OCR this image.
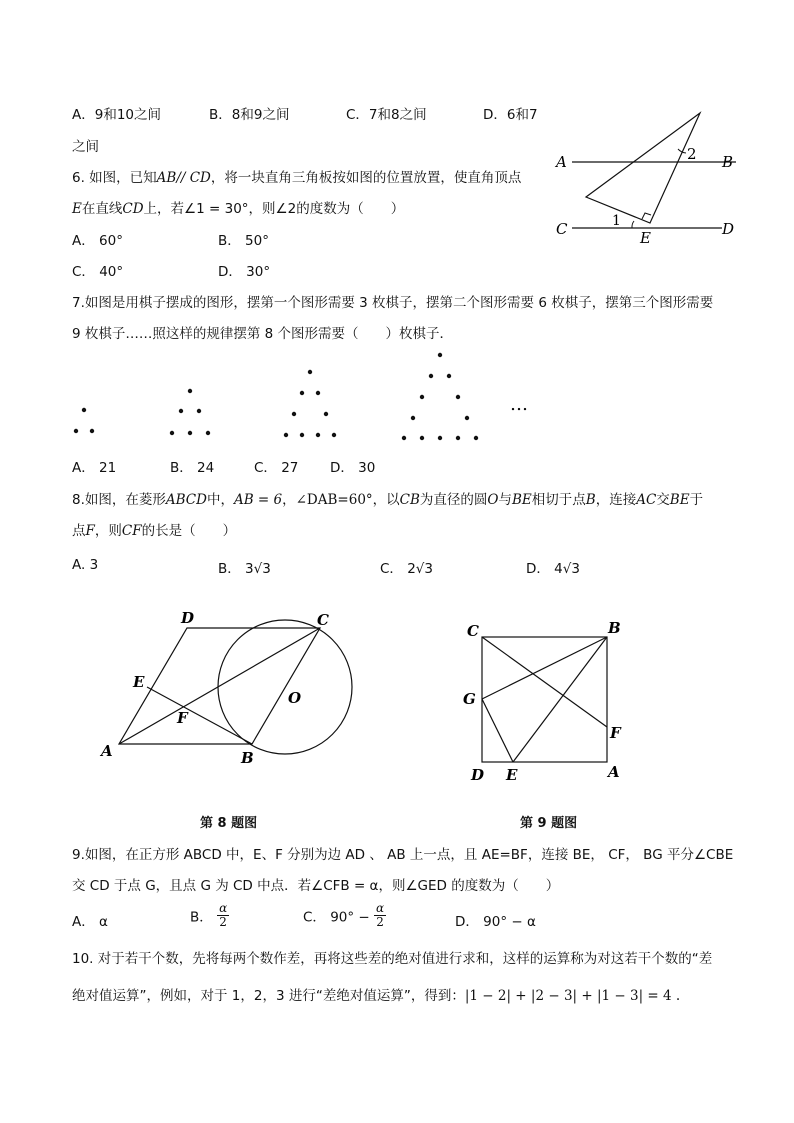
A．9和10之间	B．8和9之间	C．7和8之间	D．6和7
之间
6. 如图，已知AB// CD，将一块直角三角板按如图的位置放置，使直角顶点
E在直线CD上，若∠1 = 30°，则∠2的度数为（　　）
A． 60°	B． 50°
C． 40°	D． 30°
A	B
C	D
E
1
2
7.如图是用棋子摆成的图形，摆第一个图形需要 3 枚棋子，摆第二个图形需要 6 枚棋子，摆第三个图形需要
9 枚棋子……照这样的规律摆第 8 个图形需要（　　）枚棋子．
…
A． 21	B． 24	C． 27 D． 30
8.如图，在菱形ABCD中，AB = 6，∠DAB=60°，以CB为直径的圆O与BE相切于点B，连接AC交BE于
点F，则CF的长是（　　）
A. 3	B． 3√3	C． 2√3	D． 4√3
D	C
E
F
O
A	B
第 8 题图
C	B
G
F
D E	A
第 9 题图
9.如图，在正方形 ABCD 中，E、F 分别为边 AD 、 AB 上一点，且 AE=BF，连接 BE， CF， BG 平分∠CBE
交 CD 于点 G，且点 G 为 CD 中点．若∠CFB = α，则∠GED 的度数为（　　）
A． α	B． $\frac{\alpha}{2}$	C． $90^\circ - \frac{\alpha}{2}$	D． 90° − α
10. 对于若干个数，先将每两个数作差，再将这些差的绝对值进行求和，这样的运算称为对这若干个数的“差
绝对值运算”，例如，对于 1，2，3 进行“差绝对值运算”，得到：|1 − 2| + |2 − 3| + |1 − 3| = 4 .
